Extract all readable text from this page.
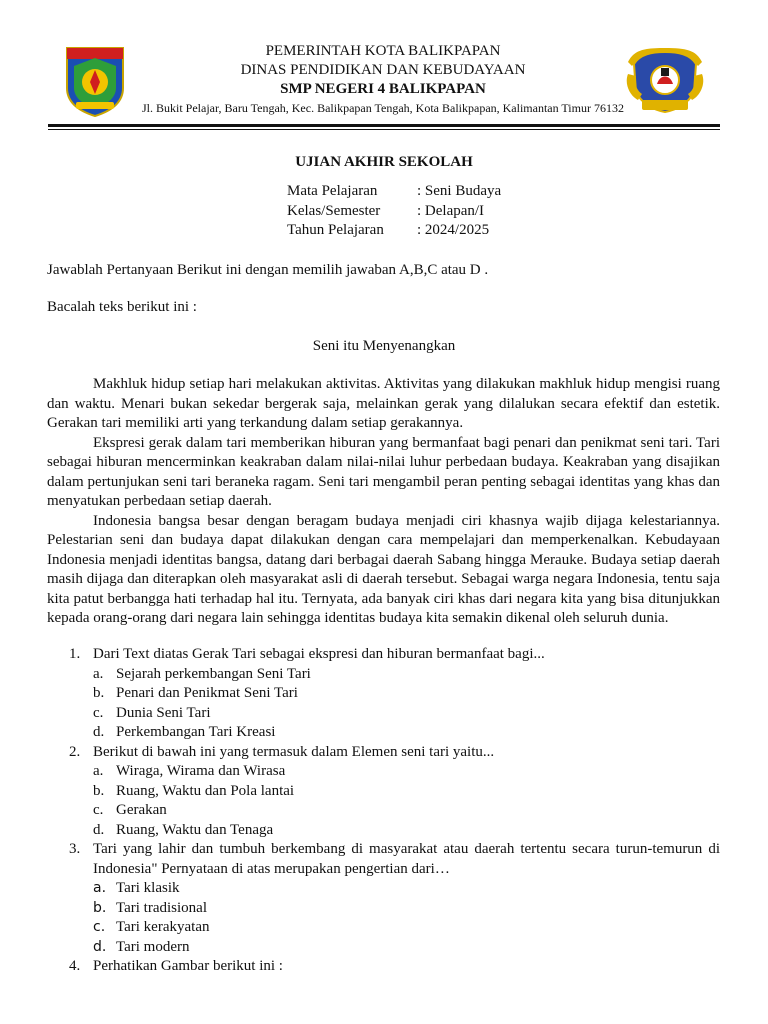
PEMERINTAH KOTA BALIKPAPAN
DINAS PENDIDIKAN DAN KEBUDAYAAN
SMP NEGERI 4 BALIKPAPAN
Jl. Bukit Pelajar, Baru Tengah, Kec. Balikpapan Tengah, Kota Balikpapan, Kalimantan Timur 76132
UJIAN AKHIR SEKOLAH
Mata Pelajaran	: Seni Budaya
Kelas/Semester	: Delapan/I
Tahun Pelajaran	: 2024/2025
Jawablah Pertanyaan Berikut ini dengan memilih jawaban A,B,C atau D .
Bacalah teks berikut ini :
Seni itu Menyenangkan

Makhluk hidup setiap hari melakukan aktivitas. Aktivitas yang dilakukan makhluk hidup mengisi ruang dan waktu. Menari bukan sekedar bergerak saja, melainkan gerak yang dilalukan secara efektif dan estetik. Gerakan tari memiliki arti yang terkandung dalam setiap gerakannya.

Ekspresi gerak dalam tari memberikan hiburan yang bermanfaat bagi penari dan penikmat seni tari. Tari sebagai hiburan mencerminkan keakraban dalam nilai-nilai luhur perbedaan budaya. Keakraban yang disajikan dalam pertunjukan seni tari beraneka ragam. Seni tari mengambil peran penting sebagai identitas yang khas dan menyatukan perbedaan setiap daerah.

Indonesia bangsa besar dengan beragam budaya menjadi ciri khasnya wajib dijaga kelestariannya. Pelestarian seni dan budaya dapat dilakukan dengan cara mempelajari dan memperkenalkan. Kebudayaan Indonesia menjadi identitas bangsa, datang dari berbagai daerah Sabang hingga Merauke. Budaya setiap daerah masih dijaga dan diterapkan oleh masyarakat asli di daerah tersebut. Sebagai warga negara Indonesia, tentu saja kita patut berbangga hati terhadap hal itu. Ternyata, ada banyak ciri khas dari negara kita yang bisa ditunjukkan kepada orang-orang dari negara lain sehingga identitas budaya kita semakin dikenal oleh seluruh dunia.

1. Dari Text diatas Gerak Tari sebagai ekspresi dan hiburan bermanfaat bagi...
a. Sejarah perkembangan Seni Tari
b. Penari dan Penikmat Seni Tari
c. Dunia Seni Tari
d. Perkembangan Tari Kreasi
2. Berikut di bawah ini yang termasuk dalam Elemen seni tari yaitu...
a. Wiraga, Wirama dan Wirasa
b. Ruang, Waktu dan Pola lantai
c. Gerakan
d. Ruang, Waktu dan Tenaga
3. Tari yang lahir dan tumbuh berkembang di masyarakat atau daerah tertentu secara turun-temurun di Indonesia" Pernyataan di atas merupakan pengertian dari…
a. Tari klasik
b. Tari tradisional
c. Tari kerakyatan
d. Tari modern
4. Perhatikan Gambar berikut ini :
